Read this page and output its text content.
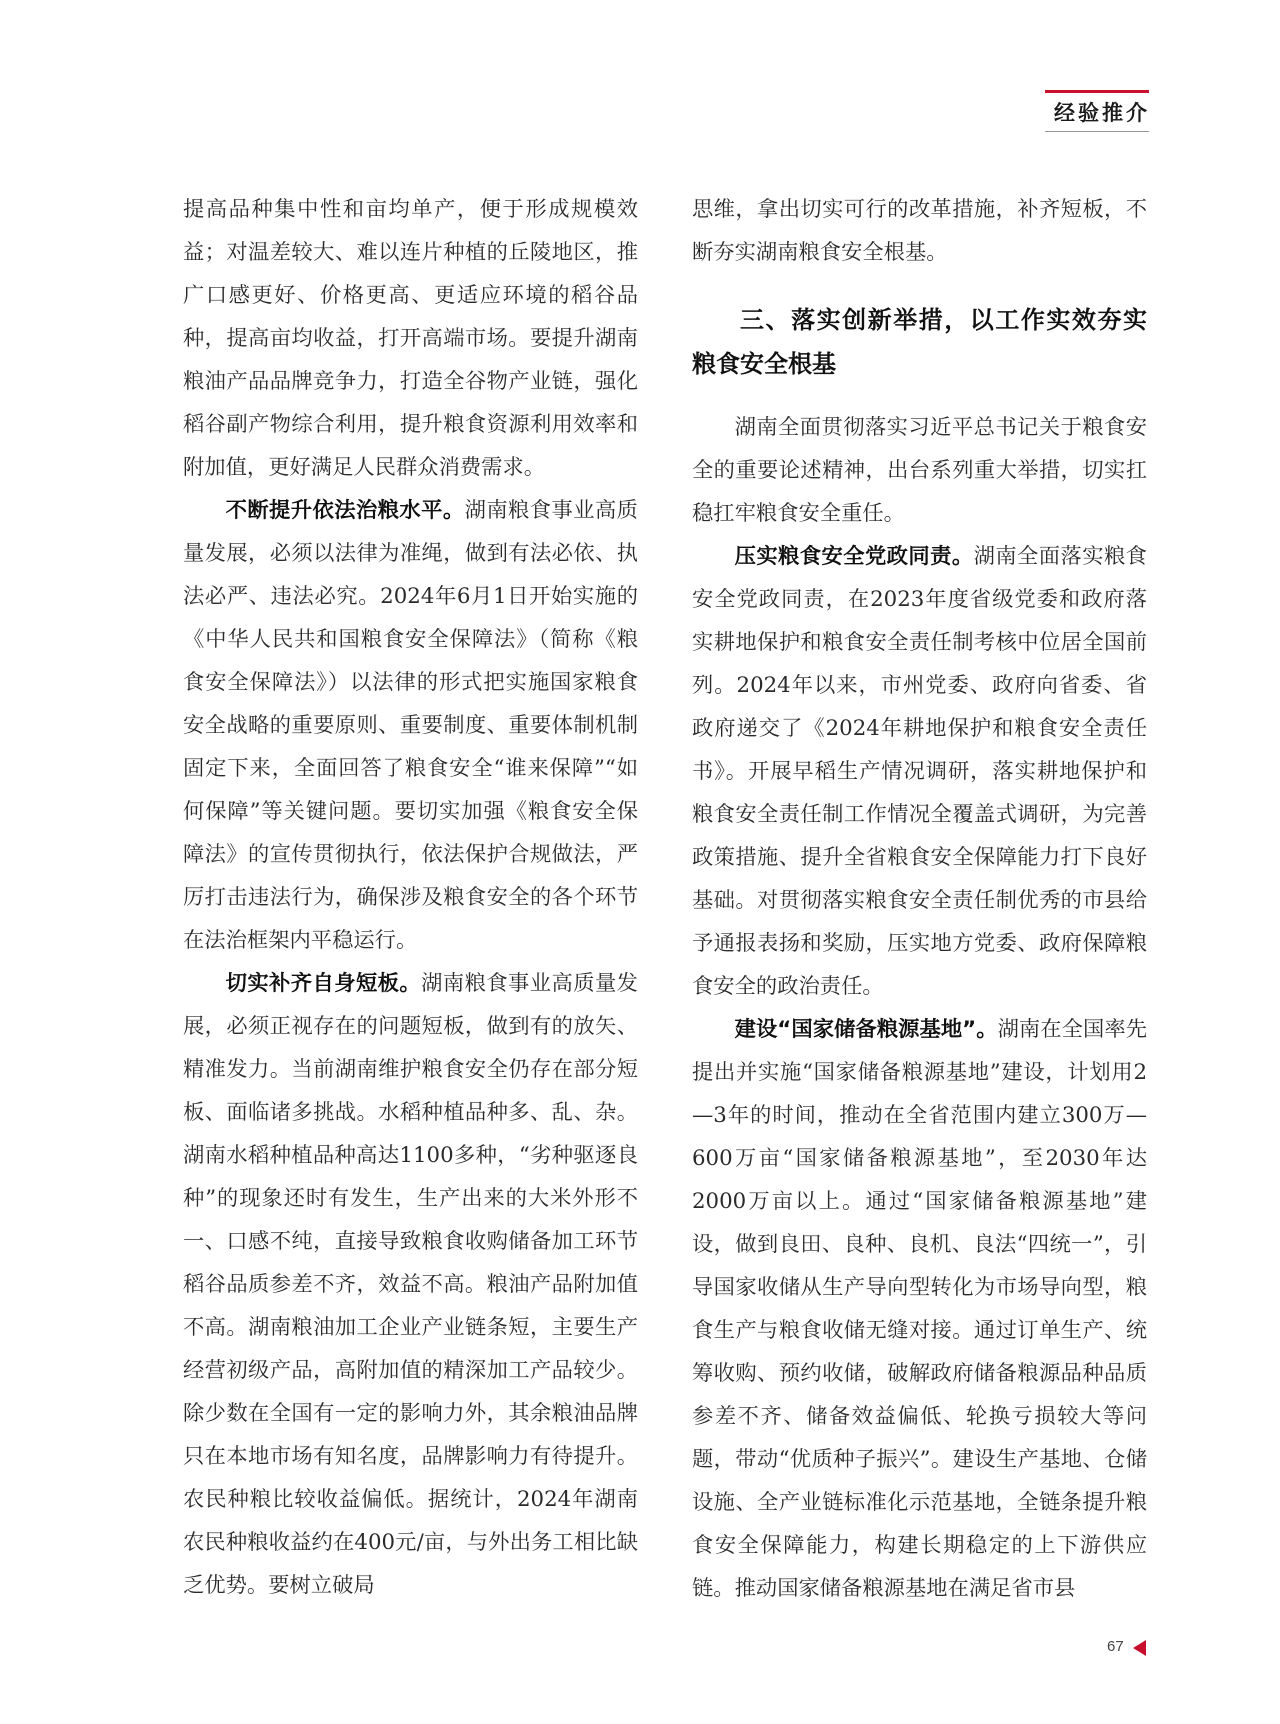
经验推介

提高品种集中性和亩均单产，便于形成规模效益；对温差较大、难以连片种植的丘陵地区，推广口感更好、价格更高、更适应环境的稻谷品种，提高亩均收益，打开高端市场。要提升湖南粮油产品品牌竞争力，打造全谷物产业链，强化稻谷副产物综合利用，提升粮食资源利用效率和附加值，更好满足人民群众消费需求。

不断提升依法治粮水平。湖南粮食事业高质量发展，必须以法律为准绳，做到有法必依、执法必严、违法必究。2024年6月1日开始实施的《中华人民共和国粮食安全保障法》（简称《粮食安全保障法》）以法律的形式把实施国家粮食安全战略的重要原则、重要制度、重要体制机制固定下来，全面回答了粮食安全“谁来保障”“如何保障”等关键问题。要切实加强《粮食安全保障法》的宣传贯彻执行，依法保护合规做法，严厉打击违法行为，确保涉及粮食安全的各个环节在法治框架内平稳运行。

切实补齐自身短板。湖南粮食事业高质量发展，必须正视存在的问题短板，做到有的放矢、精准发力。当前湖南维护粮食安全仍存在部分短板、面临诸多挑战。水稻种植品种多、乱、杂。湖南水稻种植品种高达1100多种，“劣种驱逐良种”的现象还时有发生，生产出来的大米外形不一、口感不纯，直接导致粮食收购储备加工环节稻谷品质参差不齐，效益不高。粮油产品附加值不高。湖南粮油加工企业产业链条短，主要生产经营初级产品，高附加值的精深加工产品较少。除少数在全国有一定的影响力外，其余粮油品牌只在本地市场有知名度，品牌影响力有待提升。农民种粮比较收益偏低。据统计，2024年湖南农民种粮收益约在400元/亩，与外出务工相比缺乏优势。要树立破局

思维，拿出切实可行的改革措施，补齐短板，不断夯实湖南粮食安全根基。

三、落实创新举措，以工作实效夯实粮食安全根基

湖南全面贯彻落实习近平总书记关于粮食安全的重要论述精神，出台系列重大举措，切实扛稳扛牢粮食安全重任。

压实粮食安全党政同责。湖南全面落实粮食安全党政同责，在2023年度省级党委和政府落实耕地保护和粮食安全责任制考核中位居全国前列。2024年以来，市州党委、政府向省委、省政府递交了《2024年耕地保护和粮食安全责任书》。开展早稻生产情况调研，落实耕地保护和粮食安全责任制工作情况全覆盖式调研，为完善政策措施、提升全省粮食安全保障能力打下良好基础。对贯彻落实粮食安全责任制优秀的市县给予通报表扬和奖励，压实地方党委、政府保障粮食安全的政治责任。

建设“国家储备粮源基地”。湖南在全国率先提出并实施“国家储备粮源基地”建设，计划用2—3年的时间，推动在全省范围内建立300万—600万亩“国家储备粮源基地”，至2030年达2000万亩以上。通过“国家储备粮源基地”建设，做到良田、良种、良机、良法“四统一”，引导国家收储从生产导向型转化为市场导向型，粮食生产与粮食收储无缝对接。通过订单生产、统筹收购、预约收储，破解政府储备粮源品种品质参差不齐、储备效益偏低、轮换亏损较大等问题，带动“优质种子振兴”。建设生产基地、仓储设施、全产业链标准化示范基地，全链条提升粮食安全保障能力，构建长期稳定的上下游供应链。推动国家储备粮源基地在满足省市县

67
